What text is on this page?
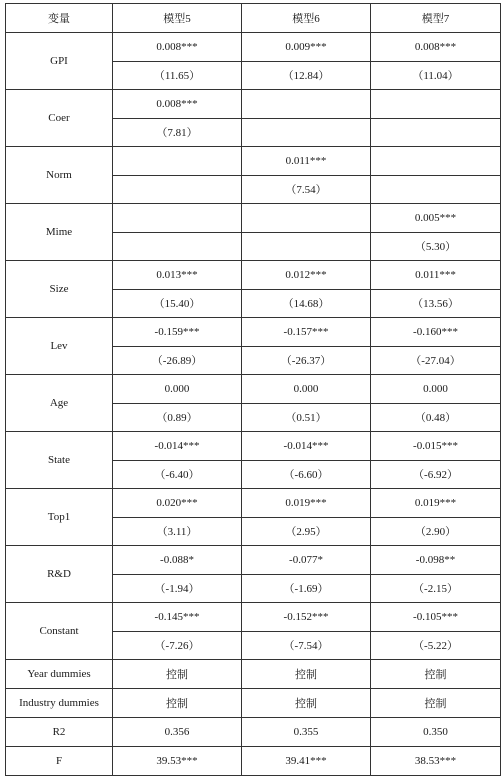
变量	模型5	模型6	模型7
GPI	0.008***	0.009***	0.008***
	（11.65）	（12.84）	（11.04）
Coer	0.008***		
	（7.81）		
Norm		0.011***	
		（7.54）	
Mime			0.005***
			（5.30）
Size	0.013***	0.012***	0.011***
	（15.40）	（14.68）	（13.56）
Lev	-0.159***	-0.157***	-0.160***
	（-26.89）	（-26.37）	（-27.04）
Age	0.000	0.000	0.000
	（0.89）	（0.51）	（0.48）
State	-0.014***	-0.014***	-0.015***
	（-6.40）	（-6.60）	（-6.92）
Top1	0.020***	0.019***	0.019***
	（3.11）	（2.95）	（2.90）
R&D	-0.088*	-0.077*	-0.098**
	（-1.94）	（-1.69）	（-2.15）
Constant	-0.145***	-0.152***	-0.105***
	（-7.26）	（-7.54）	（-5.22）
Year dummies	控制	控制	控制
Industry dummies	控制	控制	控制
R2	0.356	0.355	0.350
F	39.53***	39.41***	38.53***
